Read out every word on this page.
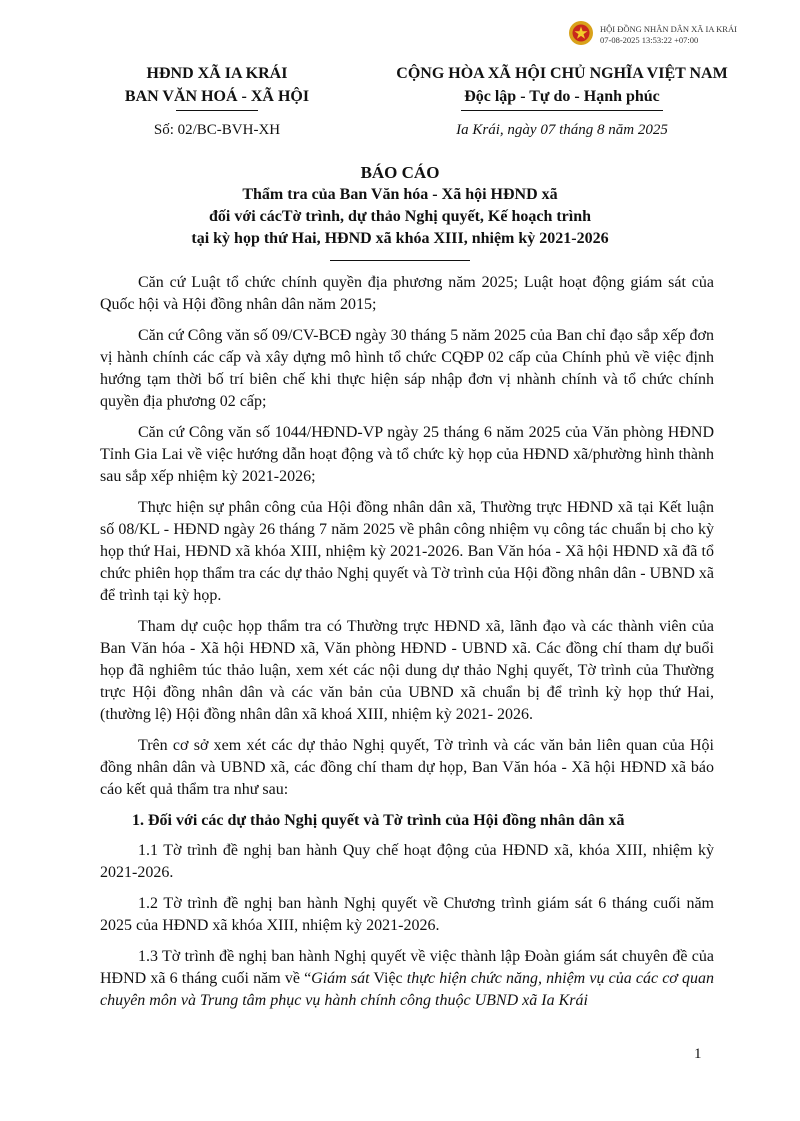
HỘI ĐỒNG NHÂN DÂN XÃ IA KRÁI
07-08-2025 13:53:22 +07:00
HĐND XÃ IA KRÁI
BAN VĂN HOÁ - XÃ HỘI
CỘNG HÒA XÃ HỘI CHỦ NGHĨA VIỆT NAM
Độc lập - Tự do - Hạnh phúc
Số: 02/BC-BVH-XH	Ia Krái, ngày 07 tháng 8 năm 2025
BÁO CÁO
Thẩm tra của Ban Văn hóa - Xã hội HĐND xã
đối với cácTờ trình, dự thảo Nghị quyết, Kế hoạch trình
tại kỳ họp thứ Hai, HĐND xã khóa XIII, nhiệm kỳ 2021-2026

Căn cứ Luật tổ chức chính quyền địa phương năm 2025; Luật hoạt động giám sát của Quốc hội và Hội đồng nhân dân năm 2015;

Căn cứ Công văn số 09/CV-BCĐ ngày 30 tháng 5 năm 2025 của Ban chỉ đạo sắp xếp đơn vị hành chính các cấp và xây dựng mô hình tổ chức CQĐP 02 cấp của Chính phủ về việc định hướng tạm thời bố trí biên chế khi thực hiện sáp nhập đơn vị nhành chính và tổ chức chính quyền địa phương 02 cấp;

Căn cứ Công văn số 1044/HĐND-VP ngày 25 tháng 6 năm 2025 của Văn phòng HĐND Tỉnh Gia Lai về việc hướng dẫn hoạt động và tổ chức kỳ họp của HĐND xã/phường hình thành sau sắp xếp nhiệm kỳ 2021-2026;

Thực hiện sự phân công của Hội đồng nhân dân xã, Thường trực HĐND xã tại Kết luận số 08/KL - HĐND ngày 26 tháng 7 năm 2025 về phân công nhiệm vụ công tác chuẩn bị cho kỳ họp thứ Hai, HĐND xã khóa XIII, nhiệm kỳ 2021-2026. Ban Văn hóa - Xã hội HĐND xã đã tổ chức phiên họp thẩm tra các dự thảo Nghị quyết và Tờ trình của Hội đồng nhân dân - UBND xã để trình tại kỳ họp.

Tham dự cuộc họp thẩm tra có Thường trực HĐND xã, lãnh đạo và các thành viên của Ban Văn hóa - Xã hội HĐND xã, Văn phòng HĐND - UBND xã. Các đồng chí tham dự buổi họp đã nghiêm túc thảo luận, xem xét các nội dung dự thảo Nghị quyết, Tờ trình của Thường trực Hội đồng nhân dân và các văn bản của UBND xã chuẩn bị để trình kỳ họp thứ Hai, (thường lệ) Hội đồng nhân dân xã khoá XIII, nhiệm kỳ 2021- 2026.

Trên cơ sở xem xét các dự thảo Nghị quyết, Tờ trình và các văn bản liên quan của Hội đồng nhân dân và UBND xã, các đồng chí tham dự họp, Ban Văn hóa - Xã hội HĐND xã báo cáo kết quả thẩm tra như sau:

1. Đối với các dự thảo Nghị quyết và Tờ trình của Hội đồng nhân dân xã

1.1 Tờ trình đề nghị ban hành Quy chế hoạt động của HĐND xã, khóa XIII, nhiệm kỳ 2021-2026.

1.2 Tờ trình đề nghị ban hành Nghị quyết về Chương trình giám sát 6 tháng cuối năm 2025 của HĐND xã khóa XIII, nhiệm kỳ 2021-2026.

1.3 Tờ trình đề nghị ban hành Nghị quyết về việc thành lập Đoàn giám sát chuyên đề của HĐND xã 6 tháng cuối năm về “Giám sát Việc thực hiện chức năng, nhiệm vụ của các cơ quan chuyên môn và Trung tâm phục vụ hành chính công thuộc UBND xã Ia Krái

1
